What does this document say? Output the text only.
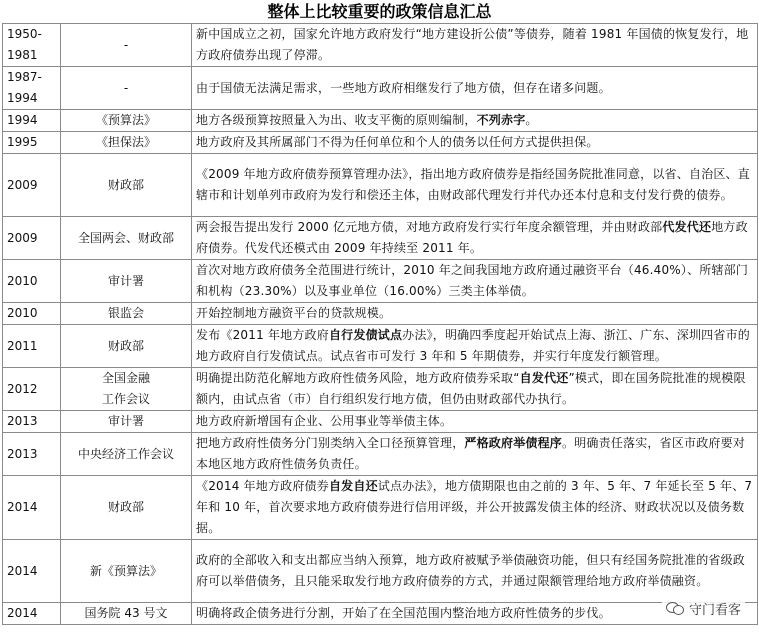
整体上比较重要的政策信息汇总
1950-
1981	-	新中国成立之初，国家允许地方政府发行“地方建设折公债”等债券，随着 1981 年国债的恢复发行，地方政府债券出现了停滞。
1987-
1994	-	由于国债无法满足需求，一些地方政府相继发行了地方债，但存在诸多问题。
1994	《预算法》	地方各级预算按照量入为出、收支平衡的原则编制，不列赤字。
1995	《担保法》	地方政府及其所属部门不得为任何单位和个人的债务以任何方式提供担保。
2009	财政部	《2009 年地方政府债券预算管理办法》，指出地方政府债券是指经国务院批准同意，以省、自治区、直辖市和计划单列市政府为发行和偿还主体，由财政部代理发行并代办还本付息和支付发行费的债券。
2009	全国两会、财政部	两会报告提出发行 2000 亿元地方债，对地方政府发行实行年度余额管理，并由财政部代发代还地方政府债券。代发代还模式由 2009 年持续至 2011 年。
2010	审计署	首次对地方政府债务全范围进行统计，2010 年之间我国地方政府通过融资平台（46.40%）、所辖部门和机构（23.30%）以及事业单位（16.00%）三类主体举债。
2010	银监会	开始控制地方融资平台的贷款规模。
2011	财政部	发布《2011 年地方政府自行发债试点办法》，明确四季度起开始试点上海、浙江、广东、深圳四省市的地方政府自行发债试点。试点省市可发行 3 年和 5 年期债券，并实行年度发行额管理。
2012	全国金融
工作会议	明确提出防范化解地方政府性债务风险，地方政府债券采取“自发代还”模式，即在国务院批准的规模限额内，由试点省（市）自行组织发行地方债，但仍由财政部代办执行。
2013	审计署	地方政府新增国有企业、公用事业等举债主体。
2013	中央经济工作会议	把地方政府性债务分门别类纳入全口径预算管理，严格政府举债程序。明确责任落实，省区市政府要对本地区地方政府性债务负责任。
2014	财政部	《2014 年地方政府债券自发自还试点办法》，地方债期限也由之前的 3 年、5 年、7 年延长至 5 年、7 年和 10 年，首次要求地方政府债券进行信用评级，并公开披露发债主体的经济、财政状况以及债务数据。
2014	新《预算法》	政府的全部收入和支出都应当纳入预算，地方政府被赋予举债融资功能，但只有经国务院批准的省级政府可以举借债务，且只能采取发行地方政府债券的方式，并通过限额管理给地方政府举债融资。
2014	国务院 43 号文	明确将政企债务进行分割，开始了在全国范围内整治地方政府性债务的步伐。	守门看客
